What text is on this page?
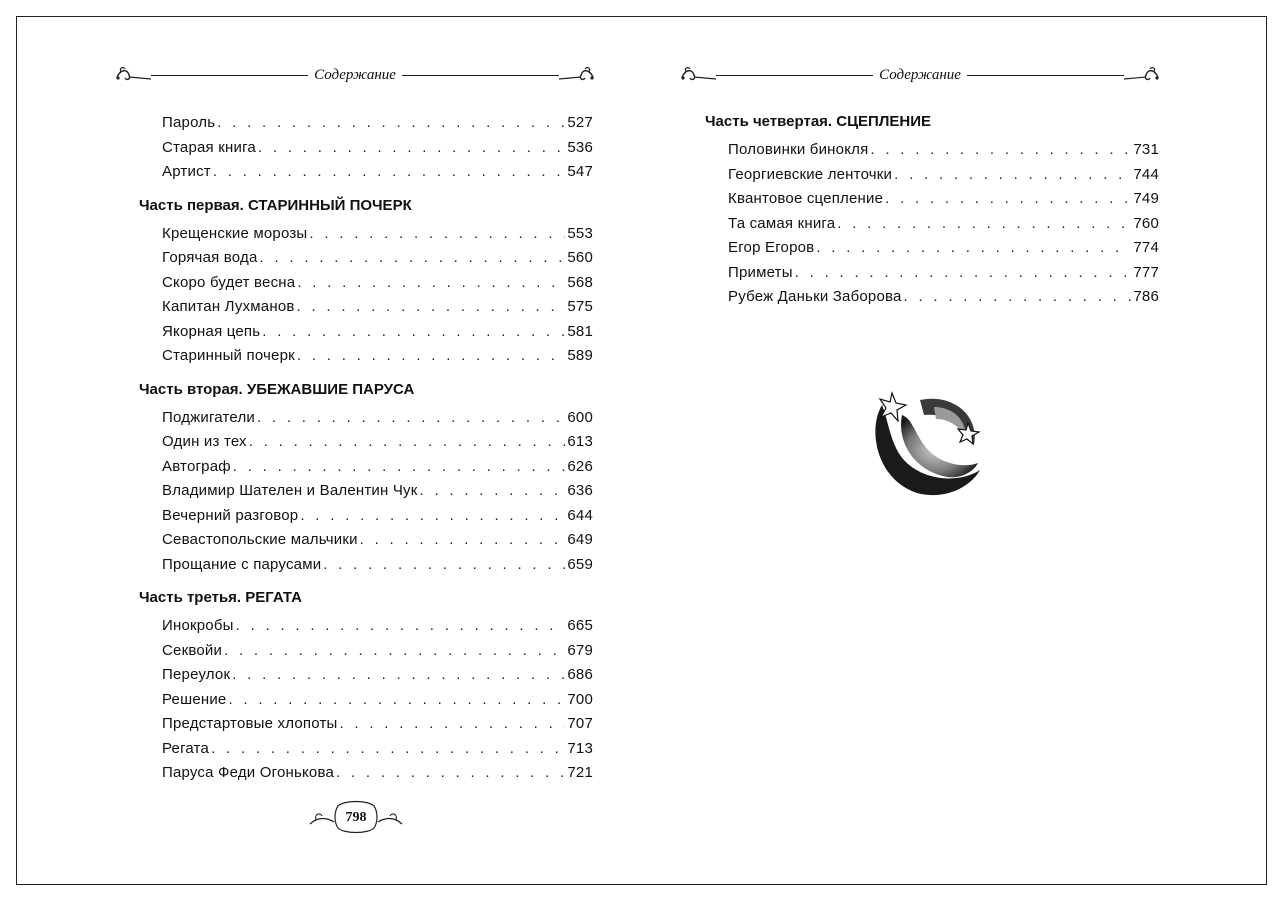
Содержание	Содержание
Пароль . . .	527
Старая книга . . .	536
Артист . . .	547
Часть первая. СТАРИННЫЙ ПОЧЕРК
Крещенские морозы . . .	553
Горячая вода . . .	560
Скоро будет весна . . .	568
Капитан Лухманов . . .	575
Якорная цепь . . .	581
Старинный почерк . . .	589
Часть вторая. УБЕЖАВШИЕ ПАРУСА
Поджигатели . . .	600
Один из тех . . .	613
Автограф . . .	626
Владимир Шателен и Валентин Чук . . .	636
Вечерний разговор . . .	644
Севастопольские мальчики . . .	649
Прощание с парусами . . .	659
Часть третья. РЕГАТА
Инокробы . . .	665
Секвойи . . .	679
Переулок . . .	686
Решение . . .	700
Предстартовые хлопоты . . .	707
Регата . . .	713
Паруса Феди Огонькова . . .	721
Часть четвертая. СЦЕПЛЕНИЕ
Половинки бинокля . . .	731
Георгиевские ленточки . . .	744
Квантовое сцепление . . .	749
Та самая книга . . .	760
Егор Егоров . . .	774
Приметы . . .	777
Рубеж Даньки Заборова . . .	786
798
